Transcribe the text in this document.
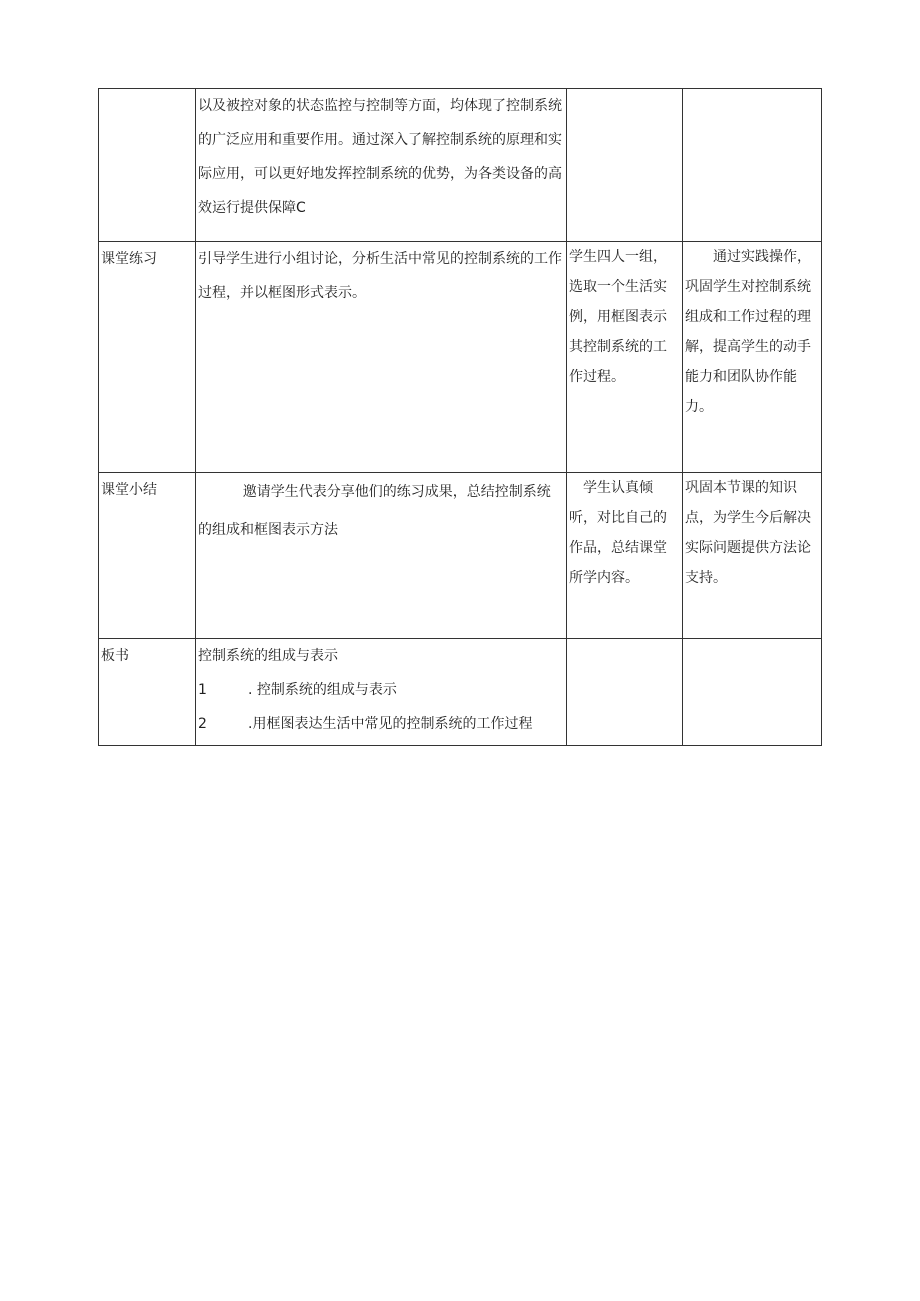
	以及被控对象的状态监控与控制等方面，均体现了控制系统的广泛应用和重要作用。通过深入了解控制系统的原理和实际应用，可以更好地发挥控制系统的优势，为各类设备的高效运行提供保障C		
课堂练习	引导学生进行小组讨论，分析生活中常见的控制系统的工作过程，并以框图形式表示。	学生四人一组，选取一个生活实例，用框图表示其控制系统的工作过程。	通过实践操作，巩固学生对控制系统组成和工作过程的理解，提高学生的动手能力和团队协作能力。

课堂小结	邀请学生代表分享他们的练习成果，总结控制系统的组成和框图表示方法	学生认真倾听，对比自己的作品，总结课堂所学内容。	巩固本节课的知识点，为学生今后解决实际问题提供方法论支持。
板书	控制系统的组成与表示
1 . 控制系统的组成与表示
2 .用框图表达生活中常见的控制系统的工作过程		
